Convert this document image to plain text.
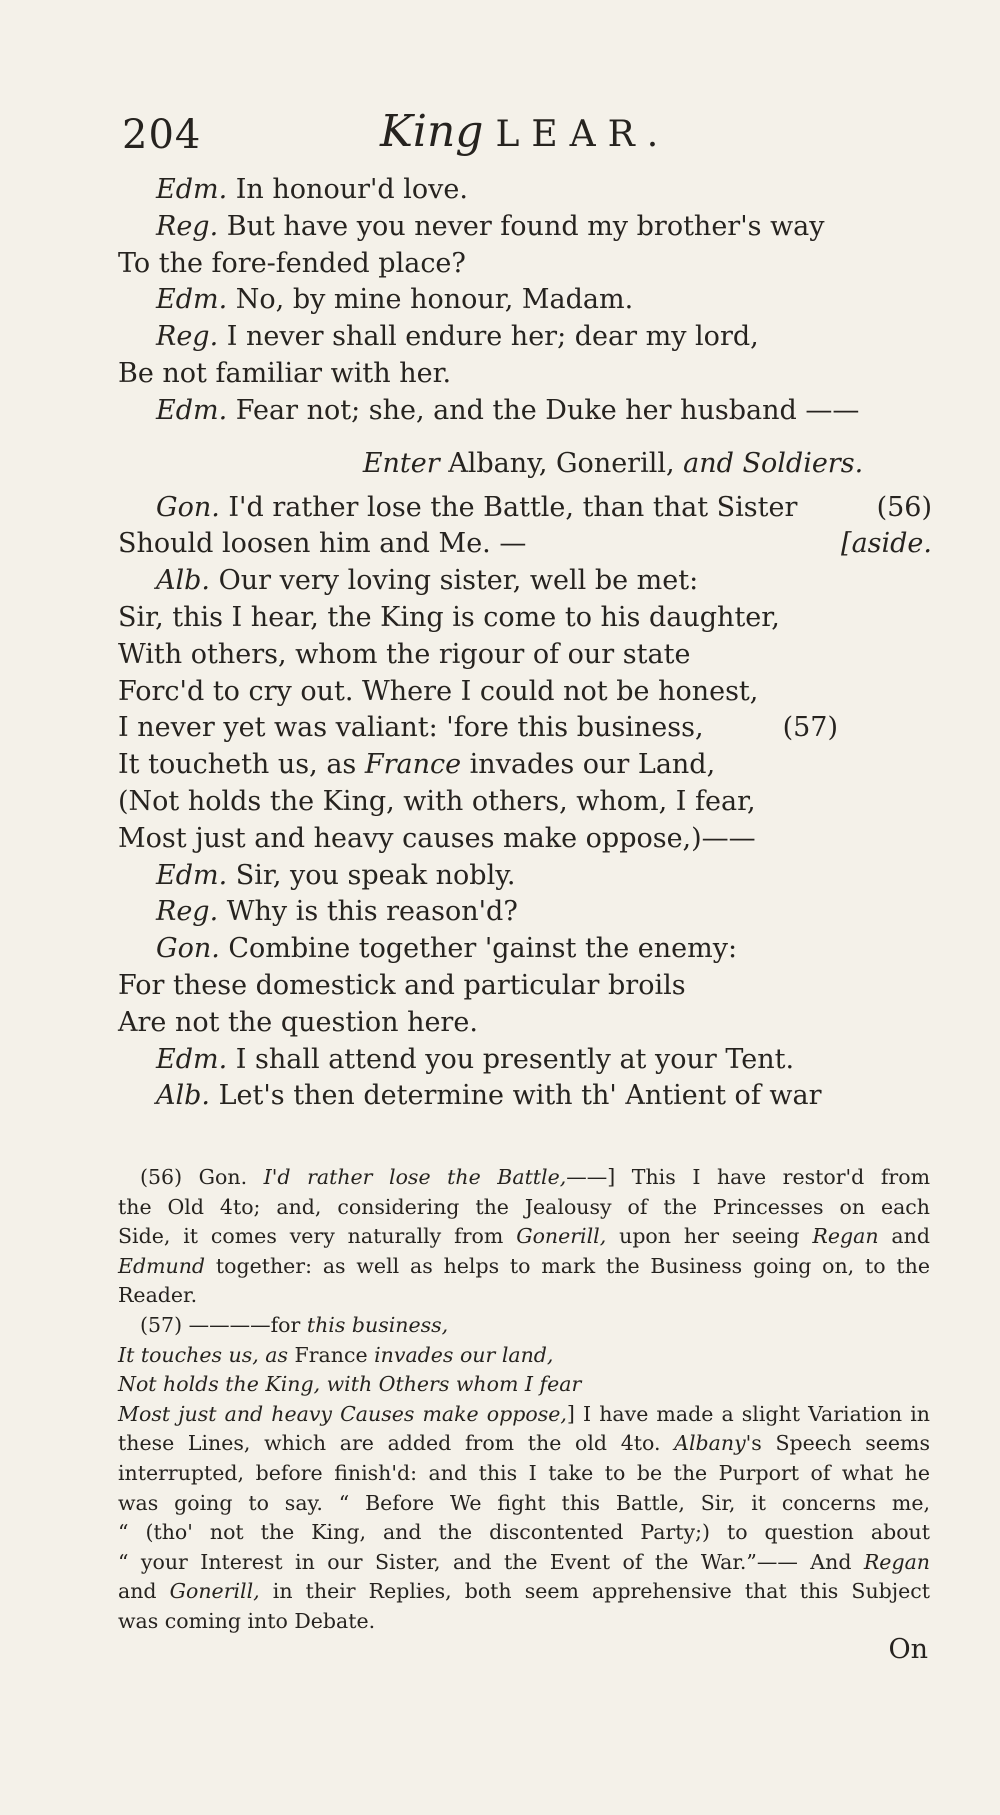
204	King LEAR.
Edm. In honour'd love.
Reg. But have you never found my brother's way
To the fore-fended place?
Edm. No, by mine honour, Madam.
Reg. I never shall endure her; dear my lord,
Be not familiar with her.
Edm. Fear not; she, and the Duke her husband ——
Enter Albany, Gonerill, and Soldiers.
Gon. I'd rather lose the Battle, than that Sister	(56)
Should loosen him and Me. —	[aside.
Alb. Our very loving sister, well be met:
Sir, this I hear, the King is come to his daughter,
With others, whom the rigour of our state
Forc'd to cry out. Where I could not be honest,
I never yet was valiant: 'fore this business,	(57)
It toucheth us, as France invades our Land,
(Not holds the King, with others, whom, I fear,
Most just and heavy causes make oppose,)——
Edm. Sir, you speak nobly.
Reg. Why is this reason'd?
Gon. Combine together 'gainst the enemy:
For these domestick and particular broils
Are not the question here.
Edm. I shall attend you presently at your Tent.
Alb. Let's then determine with th' Antient of war
(56) Gon. I'd rather lose the Battle,——] This I have restor'd from
the Old 4to; and, considering the Jealousy of the Princesses on each
Side, it comes very naturally from Gonerill, upon her seeing Regan and
Edmund together: as well as helps to mark the Business going on, to the
Reader.
(57) ————for this business,
It touches us, as France invades our land,
Not holds the King, with Others whom I fear
Most just and heavy Causes make oppose,] I have made a slight Variation in
these Lines, which are added from the old 4to. Albany's Speech seems
interrupted, before finish'd: and this I take to be the Purport of what he
was going to say. “ Before We fight this Battle, Sir, it concerns me,
“ (tho' not the King, and the discontented Party;) to question about
“ your Interest in our Sister, and the Event of the War.”—— And Regan
and Gonerill, in their Replies, both seem apprehensive that this Subject
was coming into Debate.
On
